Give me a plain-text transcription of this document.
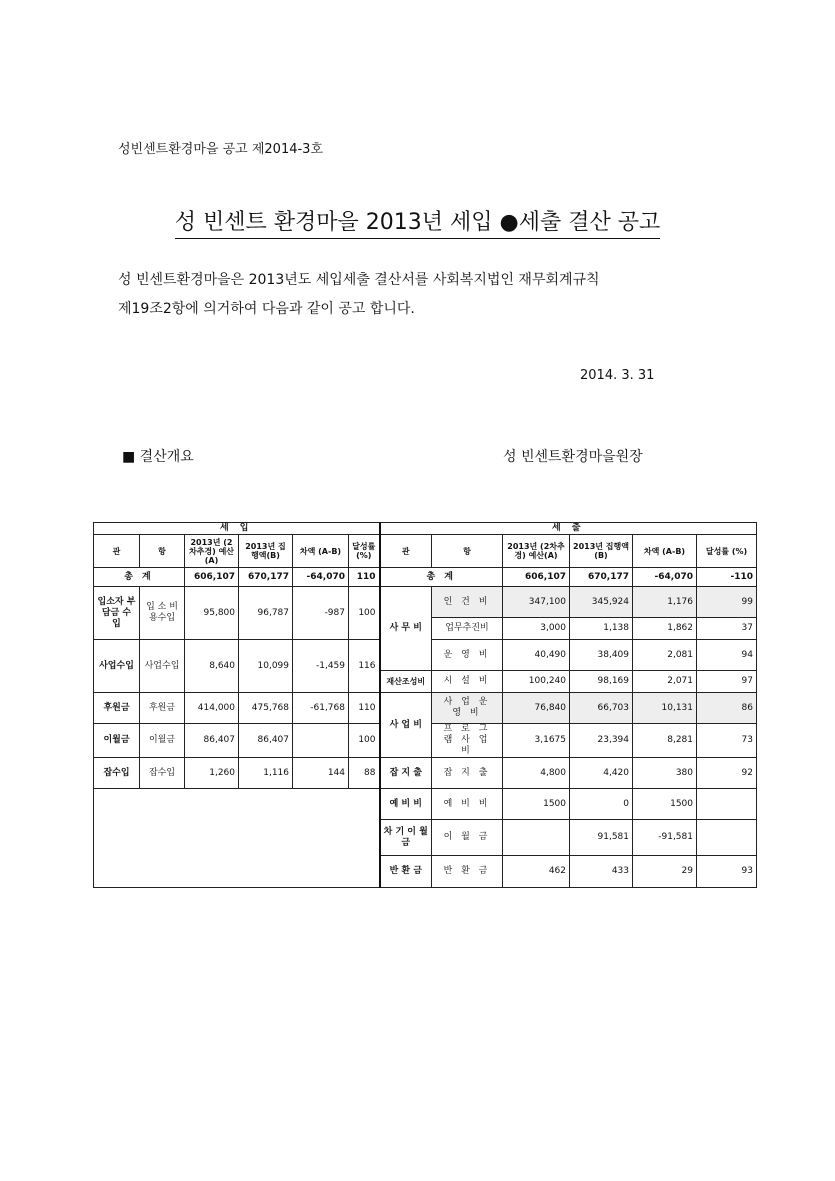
성빈센트환경마을 공고 제2014-3호
성 빈센트 환경마을 2013년 세입 ●세출 결산 공고
성 빈센트환경마을은 2013년도 세입세출 결산서를 사회복지법인 재무회계규칙
제19조2항에 의거하여 다음과 같이 공고 합니다.
2014. 3. 31
■ 결산개요	성 빈센트환경마을원장
세 입						세 출					
관	항	2013년 (2차추경) 예산(A)	2013년 집행액(B)	차액 (A-B)	달성률 (%)	관	항	2013년 (2차추경) 예산(A)	2013년 집행액(B)	차액 (A-B)	달성률 (%)
총 계		606,107	670,177	-64,070	110	총 계		606,107	670,177	-64,070	-110
입소자 부담금 수 입	입 소 비용수입	95,800	96,787	-987	100	사 무 비	인 건 비	347,100	345,924	1,176	99
							업무추진비	3,000	1,138	1,862	37
사업수입	사업수입	8,640	10,099	-1,459	116		운 영 비	40,490	38,409	2,081	94
						재산조성비	시 설 비	100,240	98,169	2,071	97
후원금	후원금	414,000	475,768	-61,768	110	사 업 비	사 업 운 영 비	76,840	66,703	10,131	86
이월금	이월금	86,407	86,407		100		프 로 그 램 사 업 비	3,1675	23,394	8,281	73
잡수입	잡수입	1,260	1,116	144	88	잡 지 출	잡 지 출	4,800	4,420	380	92
						예 비 비	예 비 비	1500	0	1500	
						차 기 이 월 금	이 월 금		91,581	-91,581	
						반 환 금	반 환 금	462	433	29	93
